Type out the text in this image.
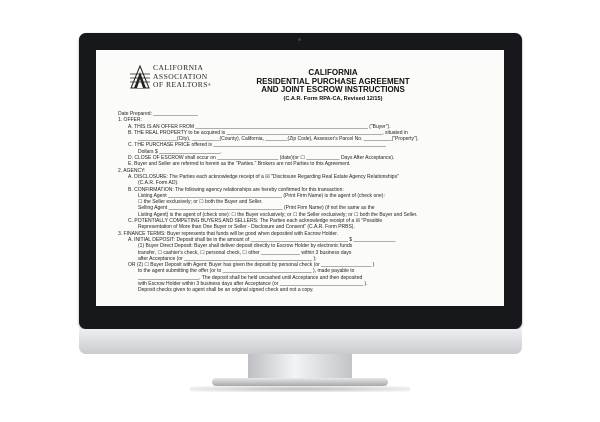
CALIFORNIA
ASSOCIATION
OF REALTORS®
CALIFORNIA
RESIDENTIAL PURCHASE AGREEMENT
AND JOINT ESCROW INSTRUCTIONS
(C.A.R. Form RPA-CA, Revised 12/15)
Date Prepared: ________________
1. OFFER:
A. THIS IS AN OFFER FROM ______________________________________________________________ ("Buyer").
B. THE REAL PROPERTY to be acquired is ________________________________________________________, situated in
______________(City), __________(County), California, ________(Zip Code), Assessor's Parcel No. __________("Property").
C. THE PURCHASE PRICE offered is ______________________________________________________________
Dollars $ ______________________.
D. CLOSE OF ESCROW shall occur on ______________________ (date)(or ☐ ____________ Days After Acceptance).
E. Buyer and Seller are referred to herein as the "Parties." Brokers are not Parties to this Agreement.
2. AGENCY:
A. DISCLOSURE: The Parties each acknowledge receipt of a ☒ "Disclosure Regarding Real Estate Agency Relationships"
(C.A.R. Form AD).
B. CONFIRMATION: The following agency relationships are hereby confirmed for this transaction:
Listing Agent _________________________________________ (Print Firm Name) is the agent of (check one):
☐ the Seller exclusively; or ☐ both the Buyer and Seller.
Selling Agent _________________________________________ (Print Firm Name) (if not the same as the
Listing Agent) is the agent of (check one): ☐ the Buyer exclusively; or ☐ the Seller exclusively; or ☐ both the Buyer and Seller.
C. POTENTIALLY COMPETING BUYERS AND SELLERS: The Parties each acknowledge receipt of a ☒ "Possible
Representation of More than One Buyer or Seller - Disclosure and Consent" (C.A.R. Form PRBS).
3. FINANCE TERMS: Buyer represents that funds will be good when deposited with Escrow Holder.
A. INITIAL DEPOSIT: Deposit shall be in the amount of ___________________________________ $ _______________
(1) Buyer Direct Deposit: Buyer shall deliver deposit directly to Escrow Holder by electronic funds
transfer, ☐ cashier's check, ☐ personal check, ☐ other ______________ within 3 business days
after Acceptance (or ______________________________________________ );
OR (2) ☐ Buyer Deposit with Agent: Buyer has given the deposit by personal check (or __________________ )
to the agent submitting the offer (or to ________________________________ ), made payable to
______________________. The deposit shall be held uncashed until Acceptance and then deposited
with Escrow Holder within 3 business days after Acceptance (or ______________________________ ).
Deposit checks given to agent shall be an original signed check and not a copy.
